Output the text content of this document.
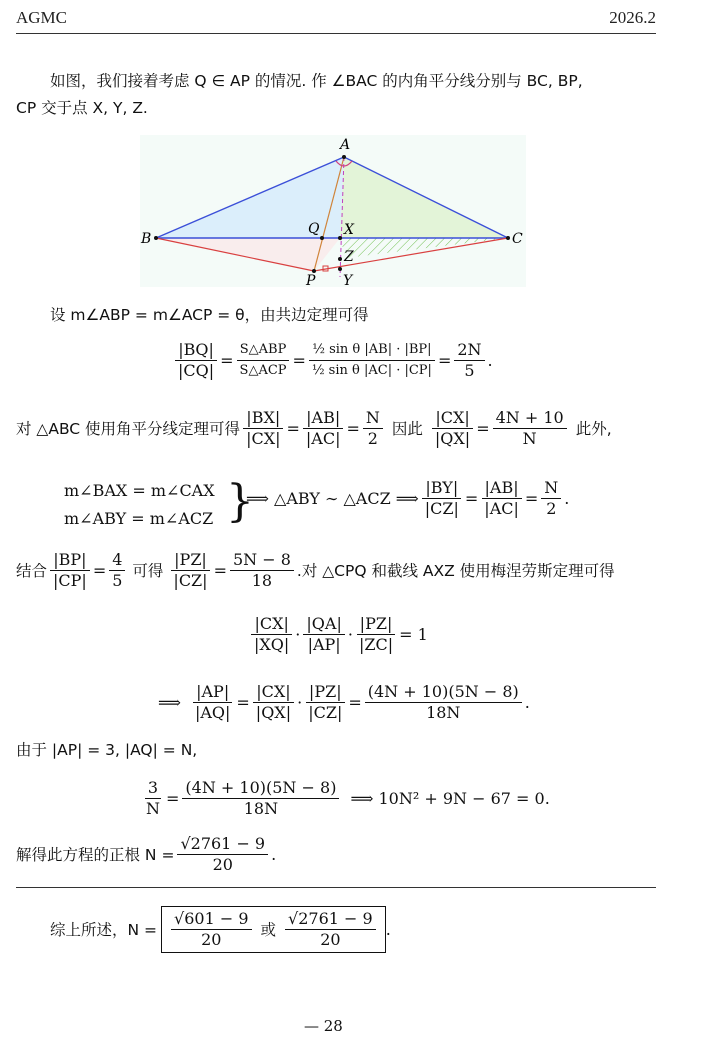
AGMC	2026.2
如图，我们接着考虑 Q ∈ AP 的情况. 作 ∠BAC 的内角平分线分别与 BC, BP,
CP 交于点 X, Y, Z.
A
B	C
Q X
Z
P Y
设 m∠ABP = m∠ACP = θ，由共边定理可得
$\frac{|BQ|}{|CQ|} = \frac{\text{S△ABP}}{\text{S△ACP}} = \frac{\text{½ sin θ |AB| · |BP|}}{\text{½ sin θ |AC| · |CP|}} = \frac{2N}{5}$ .
对 △ABC 使用角平分线定理可得 $\frac{|BX|}{|CX|} = \frac{|AB|}{|AC|} = \frac{N}{2}$ 因此 $\frac{|CX|}{|QX|} = \frac{4N + 10}{N}$ 此外,
m∠BAX = m∠CAX
m∠ABY = m∠ACZ }
⟹ △ABY ∼ △ACZ ⟹ $\frac{|BY|}{|CZ|} = \frac{|AB|}{|AC|} = \frac{N}{2}$ .
结合 $\frac{|BP|}{|CP|} = \frac{4}{5}$ 可得 $\frac{|PZ|}{|CZ|} = \frac{5N - 8}{18}$ .对 △CPQ 和截线 AXZ 使用梅涅劳斯定理可得
$\frac{|CX|}{|XQ|} \cdot \frac{|QA|}{|AP|} \cdot \frac{|PZ|}{|ZC|} = 1$
⟹ $\frac{|AP|}{|AQ|} = \frac{|CX|}{|QX|} \cdot \frac{|PZ|}{|CZ|} = \frac{(4N + 10)(5N - 8)}{18N}$ .
由于 |AP| = 3, |AQ| = N,
$\frac{3}{N} = \frac{(4N + 10)(5N - 8)}{18N}$ ⟹ 10N² + 9N − 67 = 0.
解得此方程的正根 $N = \frac{√2761 - 9}{20}$ .
综上所述，$N = \frac{√601 - 9}{20}$ 或 $\frac{√2761 - 9}{20}$ .
— 28
